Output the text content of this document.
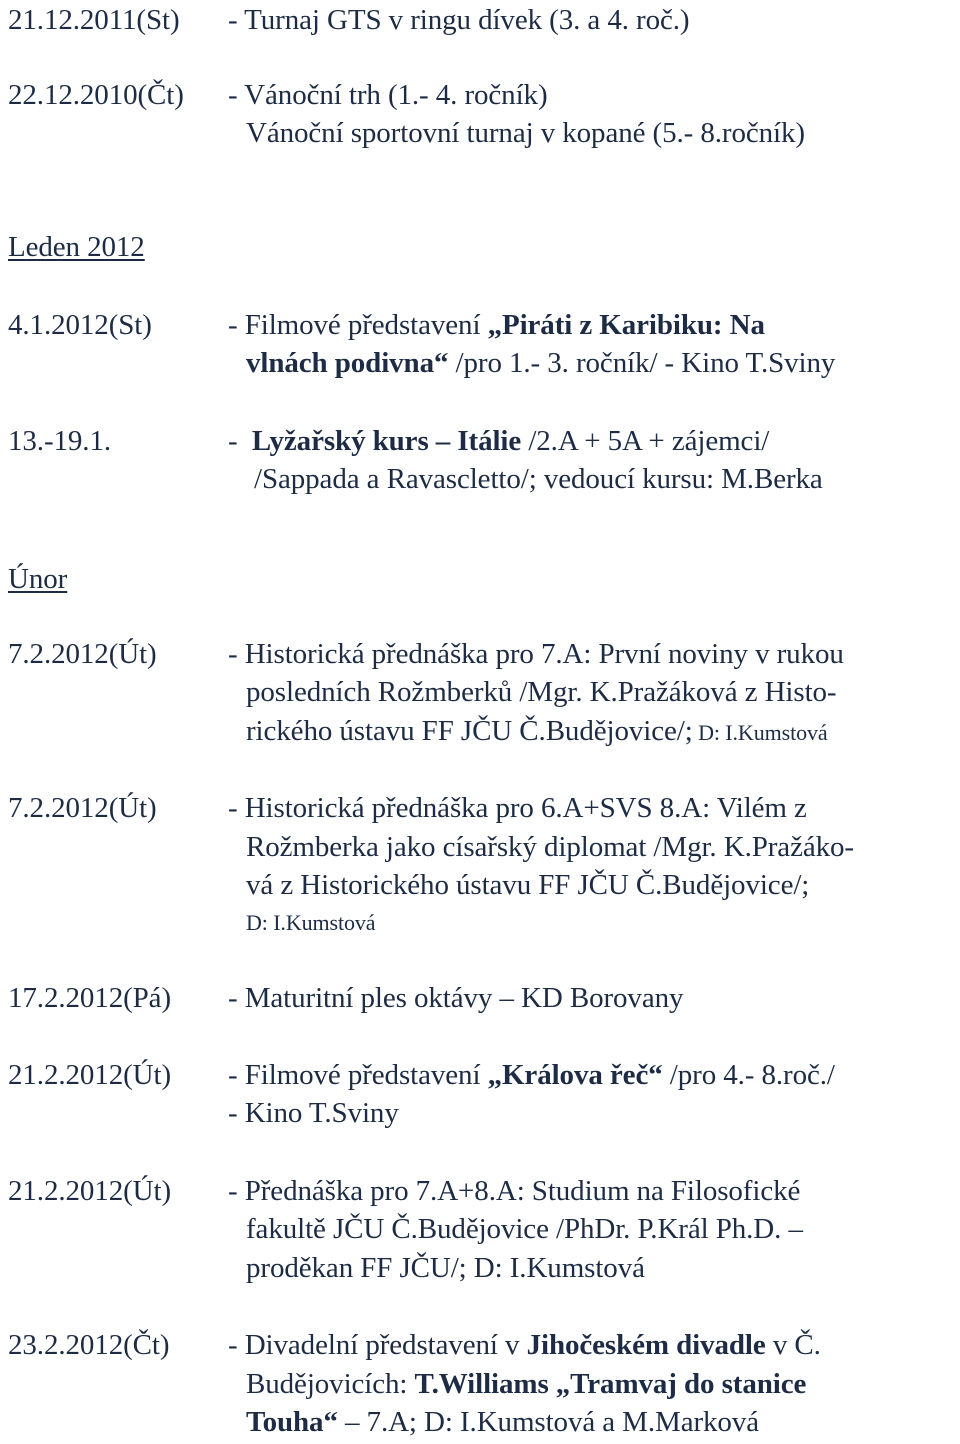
21.12.2011(St) - Turnaj GTS v ringu dívek (3. a 4. roč.)
22.12.2010(Čt) - Vánoční trh (1.- 4. ročník)
Vánoční sportovní turnaj v kopané (5.- 8.ročník)
Leden 2012
4.1.2012(St)	- Filmové představení „Piráti z Karibiku: Na
vlnách podivna“ /pro 1.- 3. ročník/ - Kino T.Sviny
13.-19.1.	-  Lyžařský kurs – Itálie /2.A + 5A + zájemci/
/Sappada a Ravascletto/; vedoucí kursu: M.Berka
Únor
7.2.2012(Út) - Historická přednáška pro 7.A: První noviny v rukou
posledních Rožmberků /Mgr. K.Pražáková z Histo-
rického ústavu FF JČU Č.Budějovice/; D: I.Kumstová
7.2.2012(Út) - Historická přednáška pro 6.A+SVS 8.A: Vilém z
Rožmberka jako císařský diplomat /Mgr. K.Pražáko-
vá z Historického ústavu FF JČU Č.Budějovice/;
D: I.Kumstová
17.2.2012(Pá) - Maturitní ples oktávy – KD Borovany
21.2.2012(Út) - Filmové představení „Králova řeč“ /pro 4.- 8.roč./
- Kino T.Sviny
21.2.2012(Út) - Přednáška pro 7.A+8.A: Studium na Filosofické
fakultě JČU Č.Budějovice /PhDr. P.Král Ph.D. –
proděkan FF JČU/; D: I.Kumstová
23.2.2012(Čt) - Divadelní představení v Jihočeském divadle v Č.
Budějovicích: T.Williams „Tramvaj do stanice
Touha“ – 7.A; D: I.Kumstová a M.Marková
